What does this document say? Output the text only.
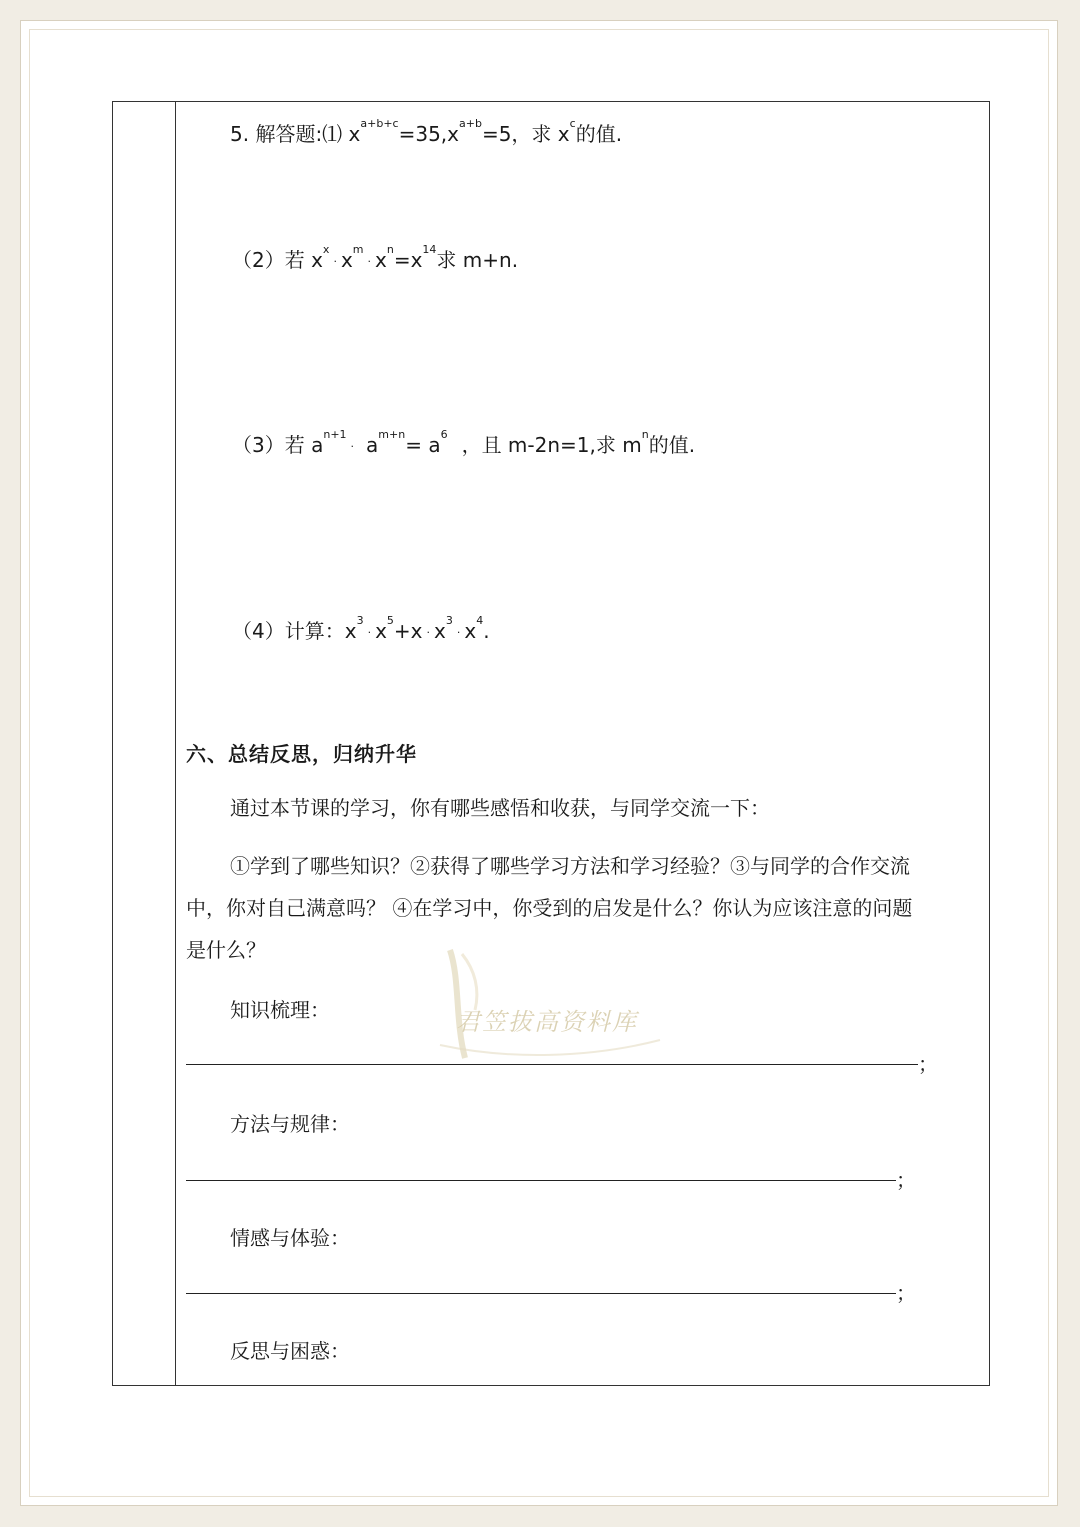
5. 解答题:⑴ $x^{a+b+c}=35,x^{a+b}=5$，求 $x^c$的值.
（2）若 $x^x\cdot x^m\cdot x^n=x^{14}$求 m+n.
（3）若 $a^{n+1}\cdot a^{m+n}= a^6$ ，且 m-2n=1,求 $m^n$的值.
（4）计算：$x^3\cdot x^5+x \cdot x^3\cdot x^4$.
六、总结反思，归纳升华
通过本节课的学习，你有哪些感悟和收获，与同学交流一下：
①学到了哪些知识？②获得了哪些学习方法和学习经验？③与同学的合作交流
中，你对自己满意吗？ ④在学习中，你受到的启发是什么？你认为应该注意的问题
是什么？
君笠拔高资料库
知识梳理：
；
方法与规律：
；
情感与体验：
；
反思与困惑：
